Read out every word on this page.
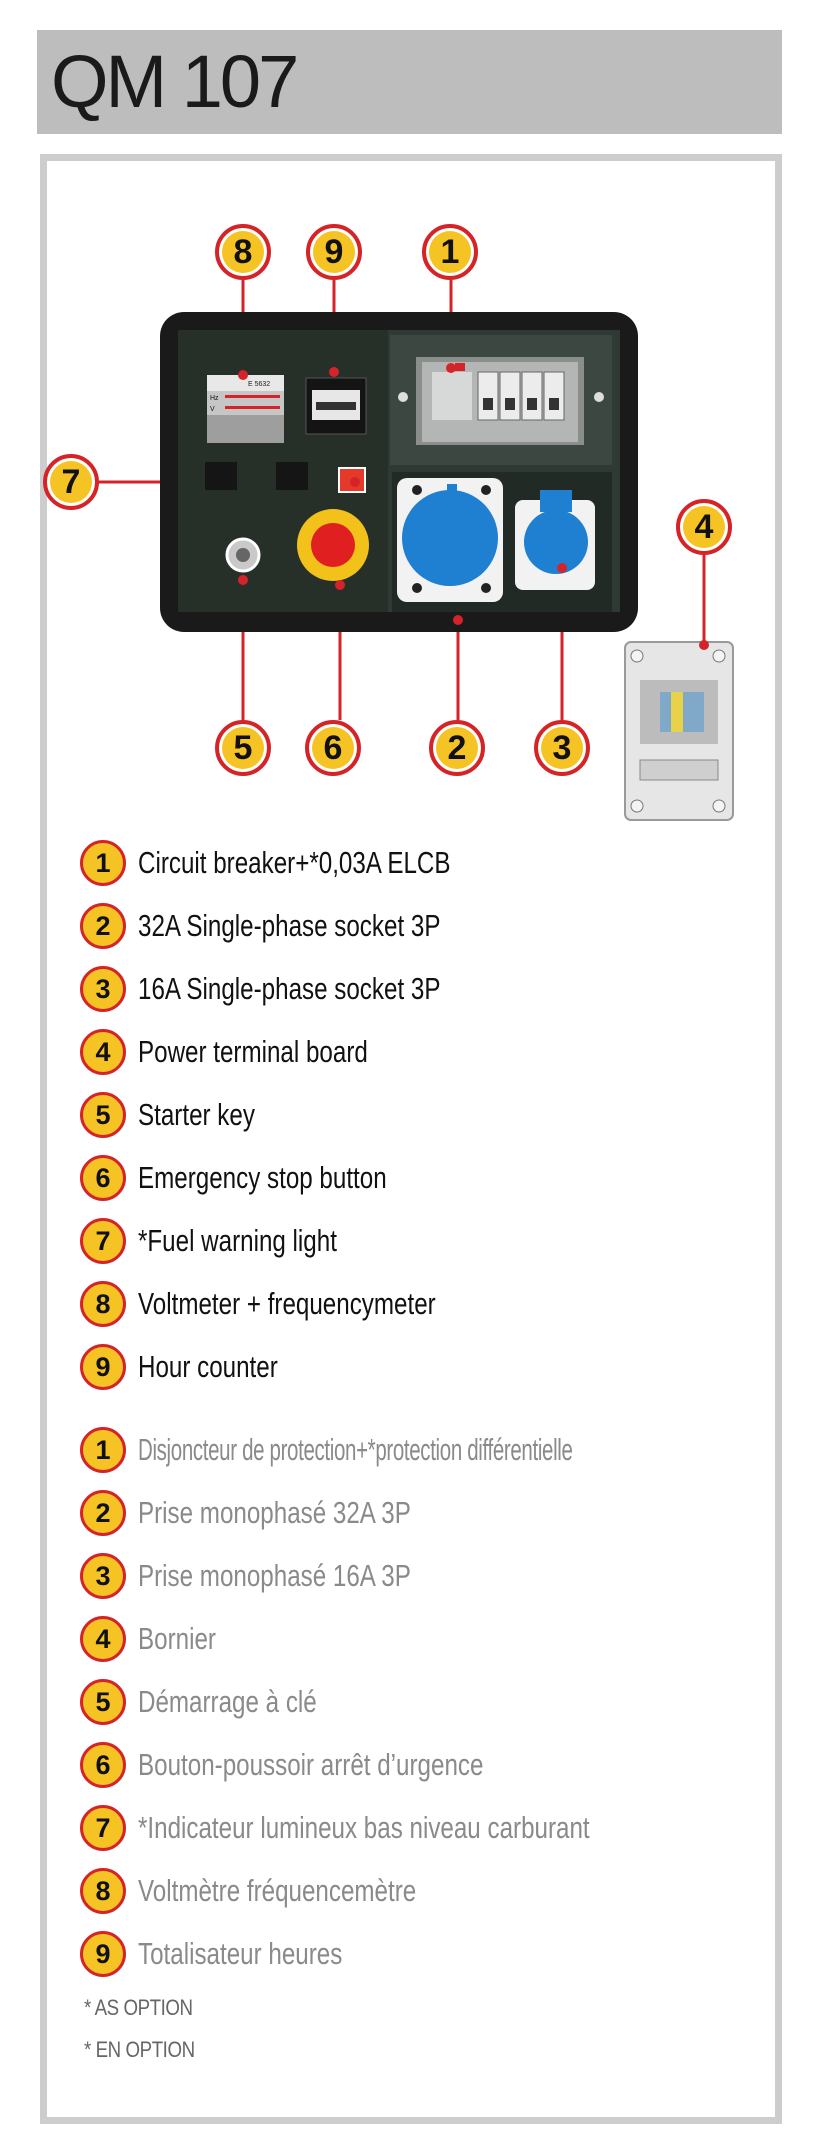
QM 107
E 5632
Hz
V
8	9	1
7
4
5	6	2	3
1 Circuit breaker+*0,03A ELCB
2 32A Single-phase socket 3P
3 16A Single-phase socket 3P
4 Power terminal board
5 Starter key
6 Emergency stop button
7 *Fuel warning light
8 Voltmeter + frequencymeter
9 Hour counter
1 Disjoncteur de protection+*protection différentielle
2 Prise monophasé 32A 3P
3 Prise monophasé 16A 3P
4 Bornier
5 Démarrage à clé
6 Bouton-poussoir arrêt d’urgence
7 *Indicateur lumineux bas niveau carburant
8 Voltmètre fréquencemètre
9 Totalisateur heures
* AS OPTION
* EN OPTION
